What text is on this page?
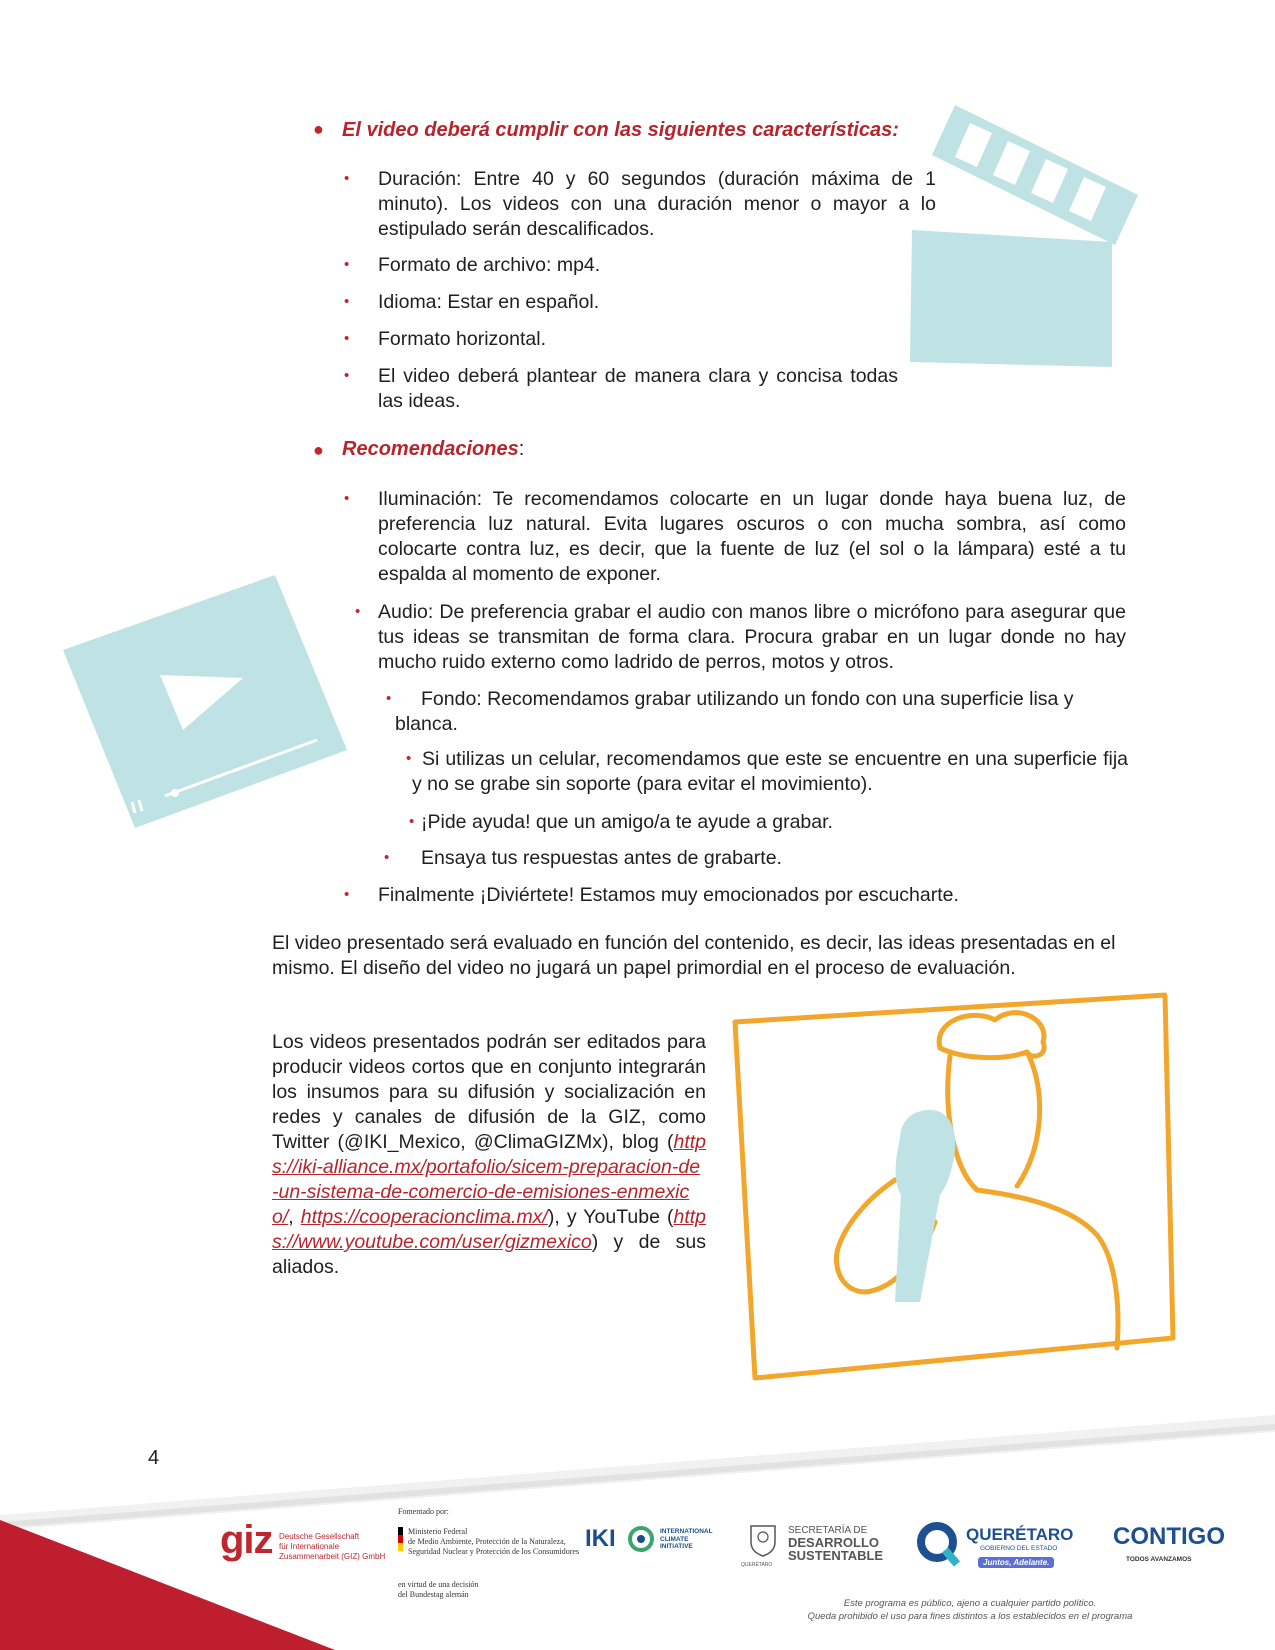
● El video deberá cumplir con las siguientes características:
• Duración: Entre 40 y 60 segundos (duración máxima de 1 minuto). Los videos con una duración menor o mayor a lo estipulado serán descalificados.
• Formato de archivo: mp4.
• Idioma: Estar en español.
• Formato horizontal.
• El video deberá plantear de manera clara y concisa todas las ideas.
● Recomendaciones:
• Iluminación: Te recomendamos colocarte en un lugar donde haya buena luz, de preferencia luz natural. Evita lugares oscuros o con mucha sombra, así como colocarte contra luz, es decir, que la fuente de luz (el sol o la lámpara) esté a tu espalda al momento de exponer.
• Audio: De preferencia grabar el audio con manos libre o micrófono para asegurar que tus ideas se transmitan de forma clara. Procura grabar en un lugar donde no hay mucho ruido externo como ladrido de perros, motos y otros.
•	Fondo: Recomendamos grabar utilizando un fondo con una superficie lisa y blanca.
• Si utilizas un celular, recomendamos que este se encuentre en una superficie fija y no se grabe sin soporte (para evitar el movimiento).
• ¡Pide ayuda! que un amigo/a te ayude a grabar.
• Ensaya tus respuestas antes de grabarte.
• Finalmente ¡Diviértete! Estamos muy emocionados por escucharte.
El video presentado será evaluado en función del contenido, es decir, las ideas presentadas en el mismo. El diseño del video no jugará un papel primordial en el proceso de evaluación.
Los videos presentados podrán ser editados para producir videos cortos que en conjunto integrarán los insumos para su difusión y socialización en redes y canales de difusión de la GIZ, como Twitter (@IKI_Mexico, @ClimaGIZMx), blog (https://iki-alliance.mx/portafolio/sicem-preparacion-de-un-sistema-de-comercio-de-emisiones-enmexico/, https://cooperacionclima.mx/), y YouTube (https://www.youtube.com/user/gizmexico) y de sus aliados.
4
giz Deutsche Gesellschaft
für Internationale
Zusammenarbeit (GIZ) GmbH
Fomentado por:
Ministerio Federal
de Medio Ambiente, Protección de la Naturaleza,
Seguridad Nuclear y Protección de los Consumidores
en virtud de una decisión
del Bundestag alemán
IKI	INTERNATIONAL
CLIMATE
INITIATIVE
QUERÉTARO
SECRETARÍA DE
DESARROLLO
SUSTENTABLE
QUERÉTARO
GOBIERNO DEL ESTADO
Juntos, Adelante.
CONTIGO
TODOS AVANZAMOS
Este programa es público, ajeno a cualquier partido político.
Queda prohibido el uso para fines distintos a los establecidos en el programa
